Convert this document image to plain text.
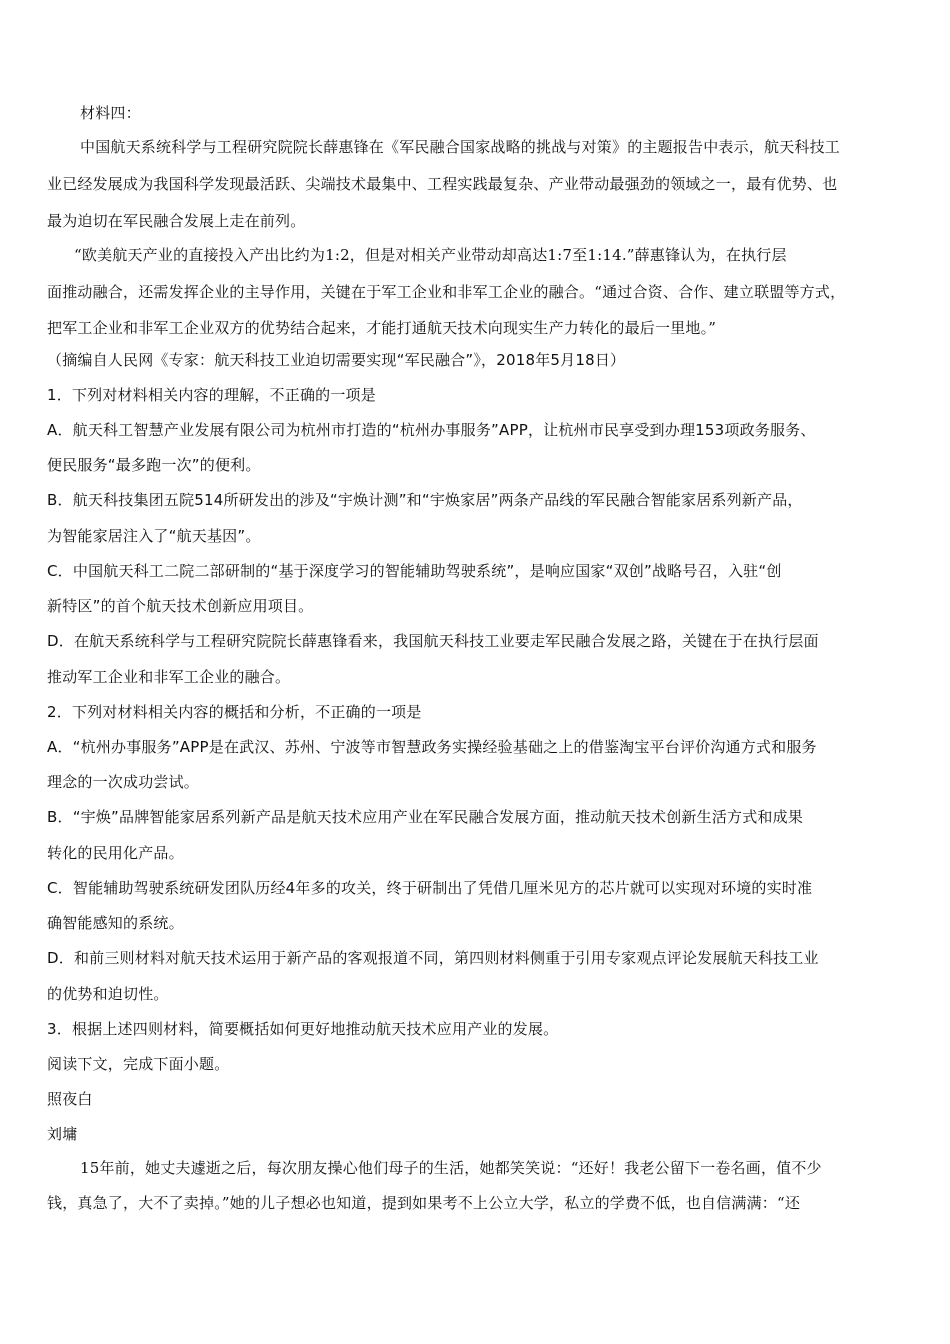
材料四：
中国航天系统科学与工程研究院院长薛惠锋在《军民融合国家战略的挑战与对策》的主题报告中表示，航天科技工
业已经发展成为我国科学发现最活跃、尖端技术最集中、工程实践最复杂、产业带动最强劲的领域之一，最有优势、也
最为迫切在军民融合发展上走在前列。
“欧美航天产业的直接投入产出比约为1:2，但是对相关产业带动却高达1:7至1:14.”薛惠锋认为，在执行层
面推动融合，还需发挥企业的主导作用，关键在于军工企业和非军工企业的融合。“通过合资、合作、建立联盟等方式，
把军工企业和非军工企业双方的优势结合起来，才能打通航天技术向现实生产力转化的最后一里地。”
（摘编自人民网《专家：航天科技工业迫切需要实现“军民融合”》，2018年5月18日）
1．下列对材料相关内容的理解，不正确的一项是
A．航天科工智慧产业发展有限公司为杭州市打造的“杭州办事服务”APP，让杭州市民享受到办理153项政务服务、
便民服务“最多跑一次”的便利。
B．航天科技集团五院514所研发出的涉及“宇焕计测”和“宇焕家居”两条产品线的军民融合智能家居系列新产品，
为智能家居注入了“航天基因”。
C．中国航天科工二院二部研制的“基于深度学习的智能辅助驾驶系统”，是响应国家“双创”战略号召，入驻“创
新特区”的首个航天技术创新应用项目。
D．在航天系统科学与工程研究院院长薛惠锋看来，我国航天科技工业要走军民融合发展之路，关键在于在执行层面
推动军工企业和非军工企业的融合。
2．下列对材料相关内容的概括和分析，不正确的一项是
A．“杭州办事服务”APP是在武汉、苏州、宁波等市智慧政务实操经验基础之上的借鉴淘宝平台评价沟通方式和服务
理念的一次成功尝试。
B．“宇焕”品牌智能家居系列新产品是航天技术应用产业在军民融合发展方面，推动航天技术创新生活方式和成果
转化的民用化产品。
C．智能辅助驾驶系统研发团队历经4年多的攻关，终于研制出了凭借几厘米见方的芯片就可以实现对环境的实时准
确智能感知的系统。
D．和前三则材料对航天技术运用于新产品的客观报道不同，第四则材料侧重于引用专家观点评论发展航天科技工业
的优势和迫切性。
3．根据上述四则材料，简要概括如何更好地推动航天技术应用产业的发展。
阅读下文，完成下面小题。
照夜白
刘墉
15年前，她丈夫遽逝之后，每次朋友操心他们母子的生活，她都笑笑说：“还好！我老公留下一卷名画，值不少
钱，真急了，大不了卖掉。”她的儿子想必也知道，提到如果考不上公立大学，私立的学费不低，也自信满满：“还
